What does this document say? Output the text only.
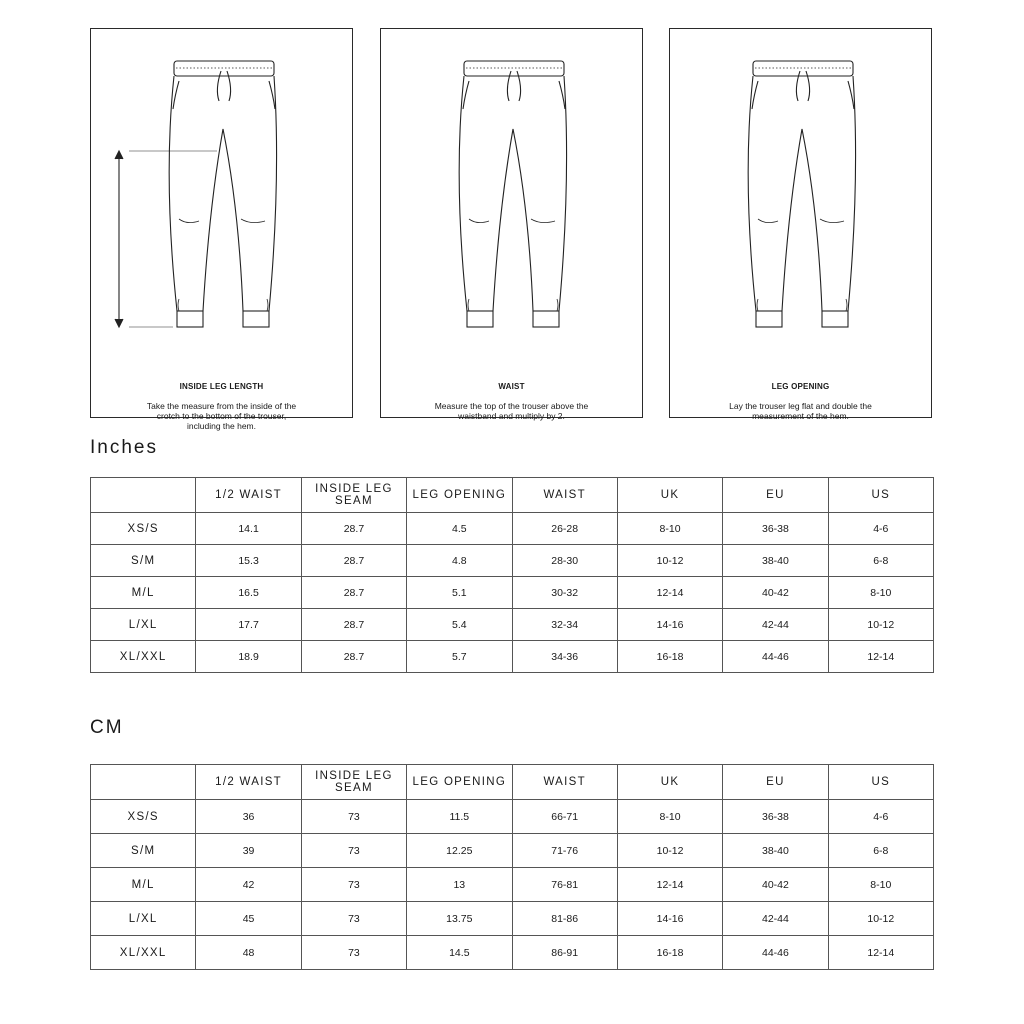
INSIDE LEG LENGTH
Take the measure from the inside of the crotch to the bottom of the trouser, including the hem.
WAIST
Measure the top of the trouser above the waistband and multiply by 2.
LEG OPENING
Lay the trouser leg flat and double the measurement of the hem.
Inches
	1/2 WAIST	INSIDE LEG SEAM	LEG OPENING	WAIST	UK	EU	US
XS/S	14.1	28.7	4.5	26-28	8-10	36-38	4-6
S/M	15.3	28.7	4.8	28-30	10-12	38-40	6-8
M/L	16.5	28.7	5.1	30-32	12-14	40-42	8-10
L/XL	17.7	28.7	5.4	32-34	14-16	42-44	10-12
XL/XXL	18.9	28.7	5.7	34-36	16-18	44-46	12-14
CM
	1/2 WAIST	INSIDE LEG SEAM	LEG OPENING	WAIST	UK	EU	US
XS/S	36	73	11.5	66-71	8-10	36-38	4-6
S/M	39	73	12.25	71-76	10-12	38-40	6-8
M/L	42	73	13	76-81	12-14	40-42	8-10
L/XL	45	73	13.75	81-86	14-16	42-44	10-12
XL/XXL	48	73	14.5	86-91	16-18	44-46	12-14
